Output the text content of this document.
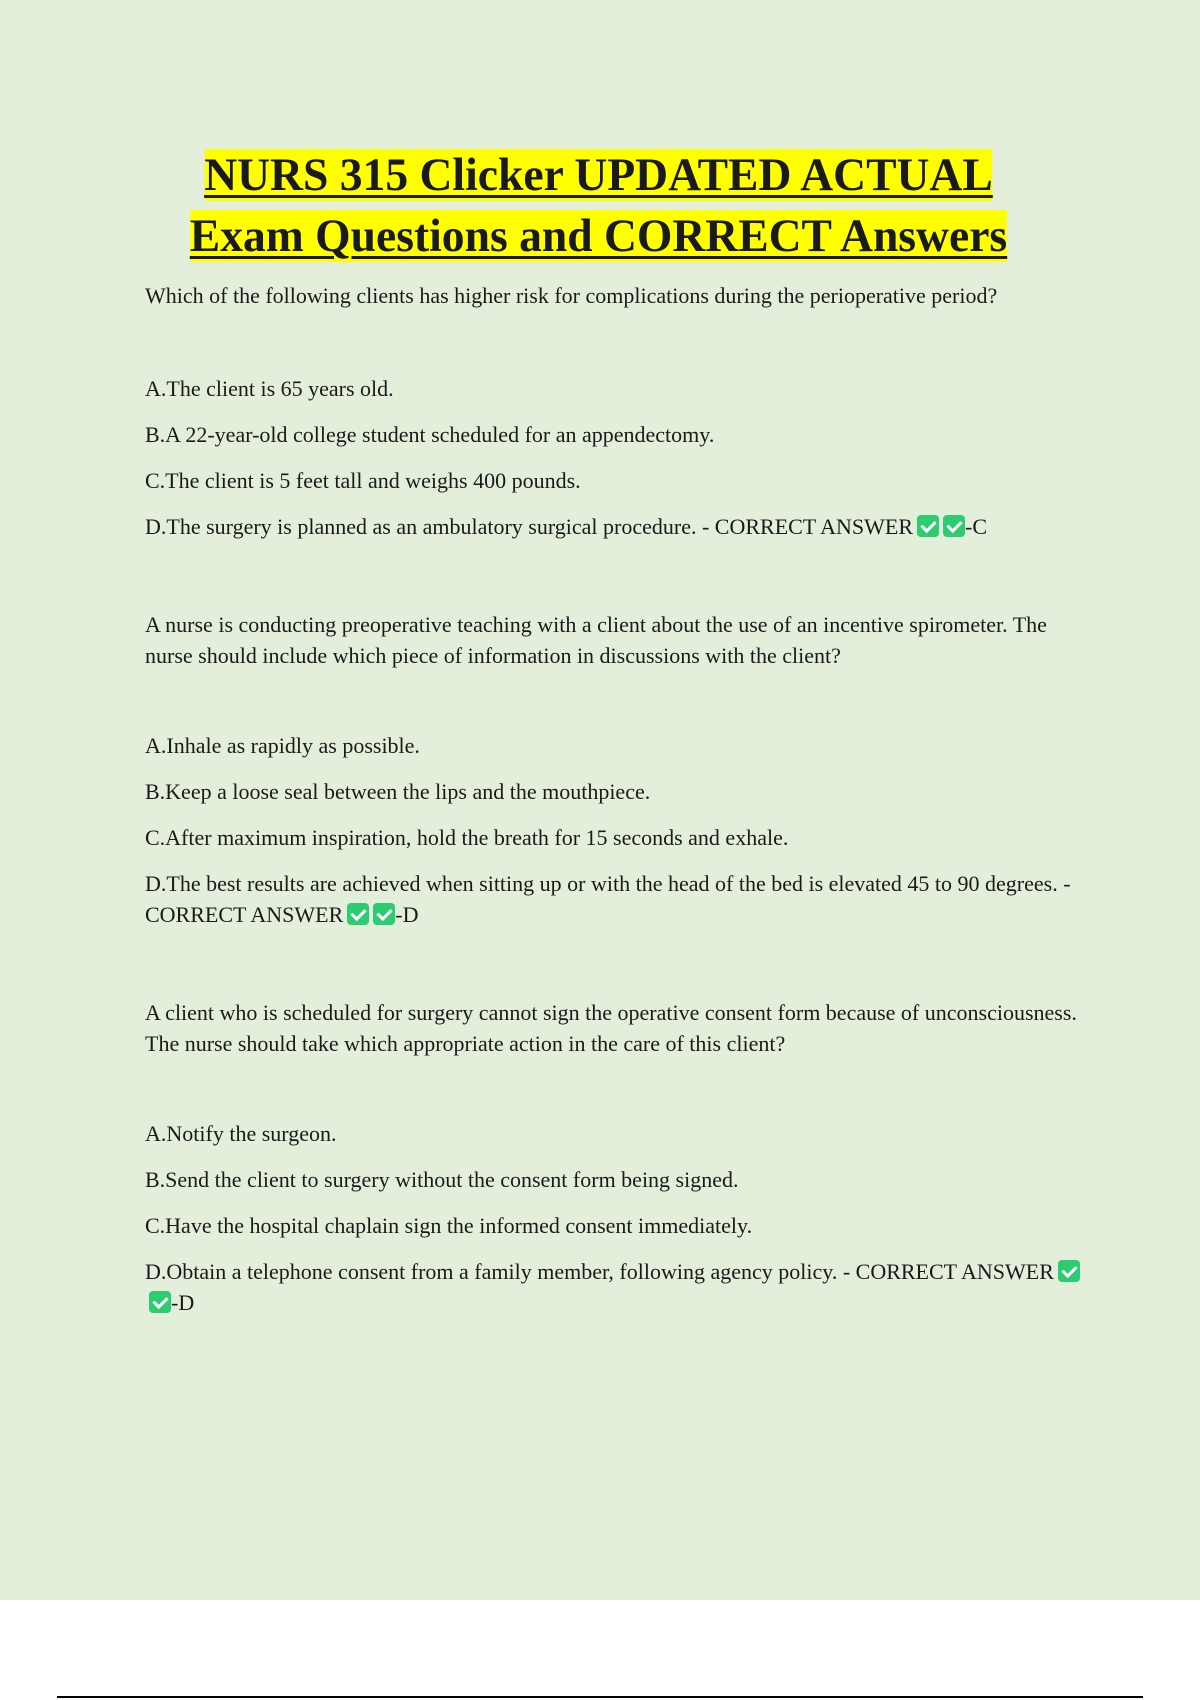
NURS 315 Clicker UPDATED ACTUAL
Exam Questions and CORRECT Answers

Which of the following clients has higher risk for complications during the perioperative period?

A.The client is 65 years old.

B.A 22-year-old college student scheduled for an appendectomy.

C.The client is 5 feet tall and weighs 400 pounds.

D.The surgery is planned as an ambulatory surgical procedure. - CORRECT ANSWER -C

A nurse is conducting preoperative teaching with a client about the use of an incentive spirometer. The nurse should include which piece of information in discussions with the client?

A.Inhale as rapidly as possible.

B.Keep a loose seal between the lips and the mouthpiece.

C.After maximum inspiration, hold the breath for 15 seconds and exhale.

D.The best results are achieved when sitting up or with the head of the bed is elevated 45 to 90 degrees. - CORRECT ANSWER -D

A client who is scheduled for surgery cannot sign the operative consent form because of unconsciousness. The nurse should take which appropriate action in the care of this client?

A.Notify the surgeon.

B.Send the client to surgery without the consent form being signed.

C.Have the hospital chaplain sign the informed consent immediately.

D.Obtain a telephone consent from a family member, following agency policy. - CORRECT ANSWER-D
